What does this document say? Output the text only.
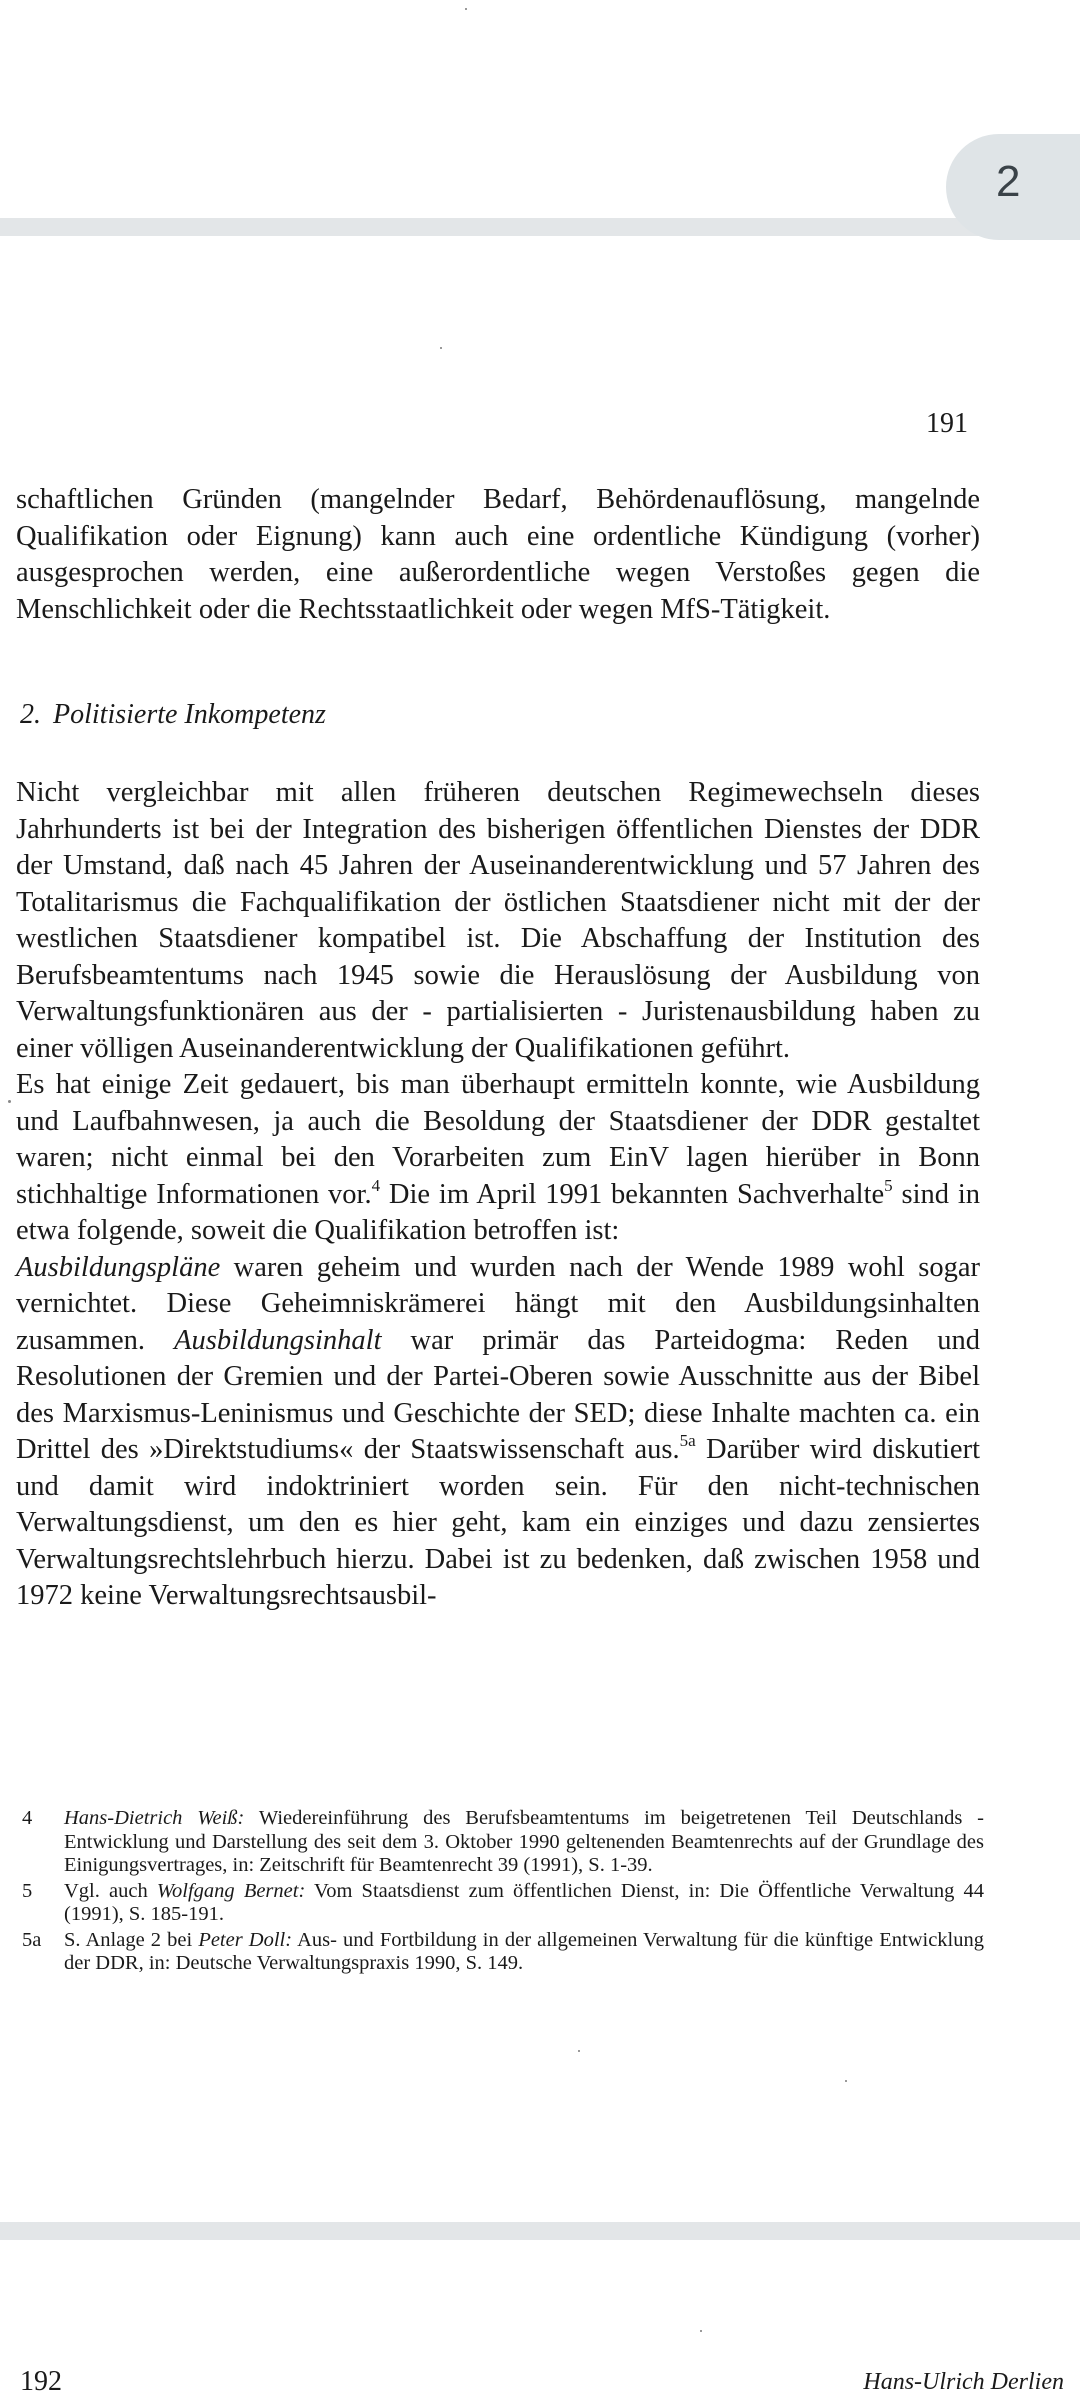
2
191

schaftlichen Gründen (mangelnder Bedarf, Behördenauflösung, mangelnde Qualifikation oder Eignung) kann auch eine ordentliche Kündigung (vorher) ausgesprochen werden, eine außerordentliche wegen Verstoßes gegen die Menschlichkeit oder die Rechtsstaatlichkeit oder wegen MfS-Tätigkeit.

2. Politisierte Inkompetenz

Nicht vergleichbar mit allen früheren deutschen Regimewechseln dieses Jahrhunderts ist bei der Integration des bisherigen öffentlichen Dienstes der DDR der Umstand, daß nach 45 Jahren der Auseinanderentwicklung und 57 Jahren des Totalitarismus die Fachqualifikation der östlichen Staatsdiener nicht mit der der westlichen Staatsdiener kompatibel ist. Die Abschaffung der Institution des Berufsbeamtentums nach 1945 sowie die Herauslösung der Ausbildung von Verwaltungsfunktionären aus der - partialisierten - Juristenausbildung haben zu einer völligen Auseinanderentwicklung der Qualifikationen geführt.

Es hat einige Zeit gedauert, bis man überhaupt ermitteln konnte, wie Ausbildung und Laufbahnwesen, ja auch die Besoldung der Staatsdiener der DDR gestaltet waren; nicht einmal bei den Vorarbeiten zum EinV lagen hierüber in Bonn stichhaltige Informationen vor.$^4$ Die im April 1991 bekannten Sachverhalte$^5$ sind in etwa folgende, soweit die Qualifikation betroffen ist:

Ausbildungspläne waren geheim und wurden nach der Wende 1989 wohl sogar vernichtet. Diese Geheimniskrämerei hängt mit den Ausbildungsinhalten zusammen. Ausbildungsinhalt war primär das Parteidogma: Reden und Resolutionen der Gremien und der Partei-Oberen sowie Ausschnitte aus der Bibel des Marxismus-Leninismus und Geschichte der SED; diese Inhalte machten ca. ein Drittel des »Direktstudiums« der Staatswissenschaft aus.$^{5a}$ Darüber wird diskutiert und damit wird indoktriniert worden sein. Für den nicht-technischen Verwaltungsdienst, um den es hier geht, kam ein einziges und dazu zensiertes Verwaltungsrechtslehrbuch hierzu. Dabei ist zu bedenken, daß zwischen 1958 und 1972 keine Verwaltungsrechtsausbil-

4 Hans-Dietrich Weiß: Wiedereinführung des Berufsbeamtentums im beigetretenen Teil Deutschlands - Entwicklung und Darstellung des seit dem 3. Oktober 1990 geltenenden Beamtenrechts auf der Grundlage des Einigungsvertrages, in: Zeitschrift für Beamtenrecht 39 (1991), S. 1-39.
5 Vgl. auch Wolfgang Bernet: Vom Staatsdienst zum öffentlichen Dienst, in: Die Öffentliche Verwaltung 44 (1991), S. 185-191.
5a S. Anlage 2 bei Peter Doll: Aus- und Fortbildung in der allgemeinen Verwaltung für die künftige Entwicklung der DDR, in: Deutsche Verwaltungspraxis 1990, S. 149.
192	Hans-Ulrich Derlien
